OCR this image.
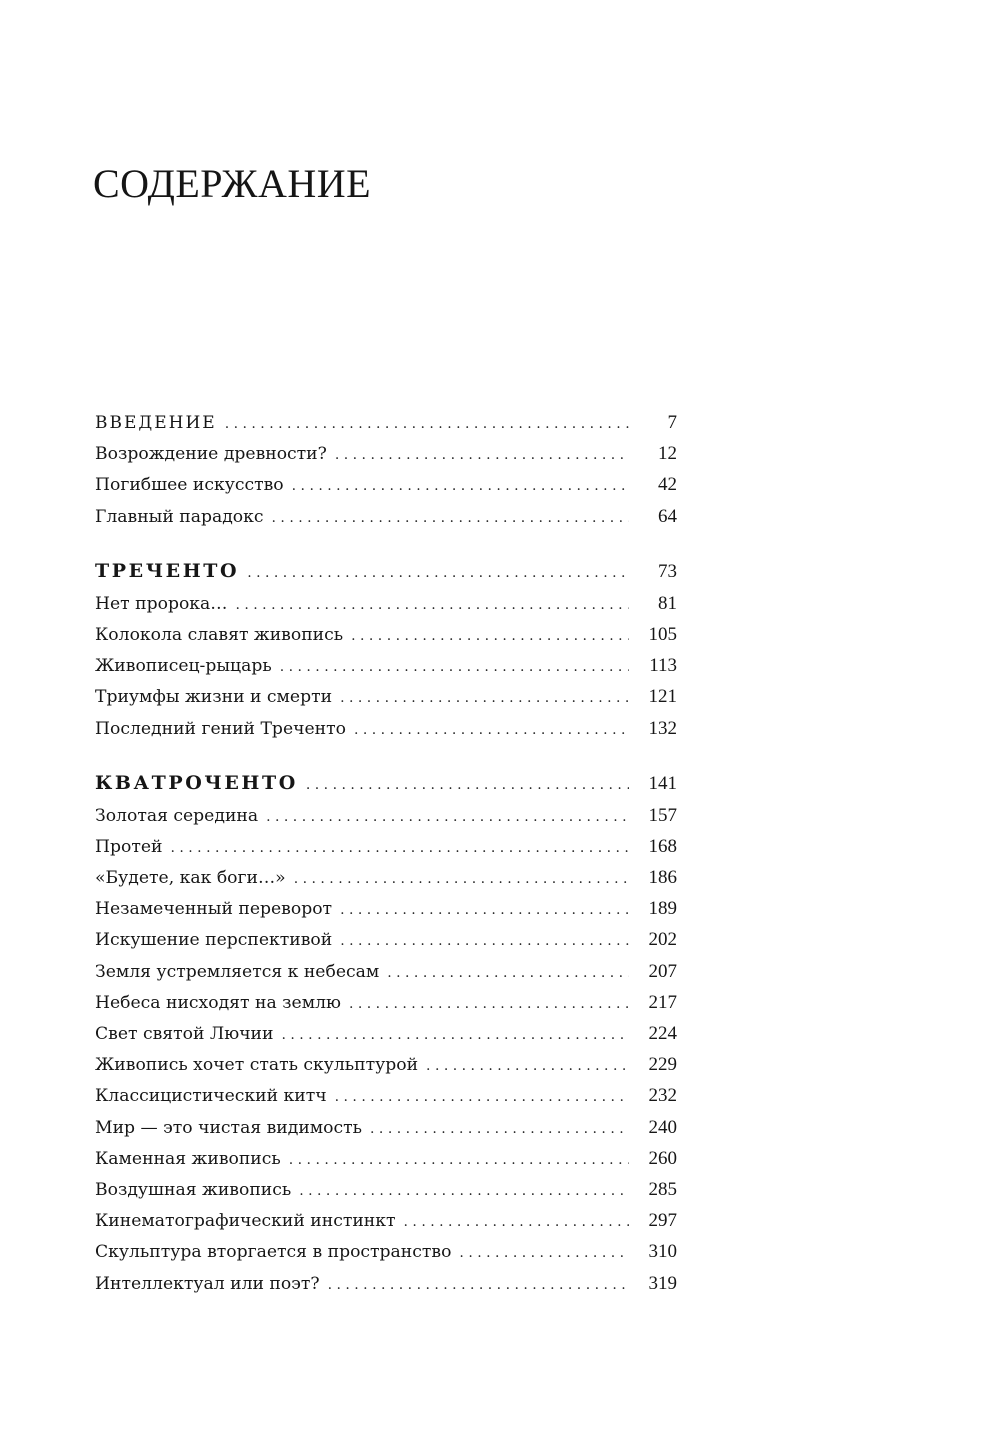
СОДЕРЖАНИЕ
ВВЕДЕНИЕ . . .	7
Возрождение древности? . . .	12
Погибшее искусство . . .	42
Главный парадокс . . .	64
ТРЕЧЕНТО . . .	73
Нет пророка… . . .	81
Колокола славят живопись . . .	105
Живописец-рыцарь . . .	113
Триумфы жизни и смерти . . .	121
Последний гений Треченто . . .	132
КВАТРОЧЕНТО . . .	141
Золотая середина . . .	157
Протей . . .	168
«Будете, как боги…» . . .	186
Незамеченный переворот . . .	189
Искушение перспективой . . .	202
Земля устремляется к небесам . . .	207
Небеса нисходят на землю . . .	217
Свет святой Лючии . . .	224
Живопись хочет стать скульптурой . . .	229
Классицистический китч . . .	232
Мир — это чистая видимость . . .	240
Каменная живопись . . .	260
Воздушная живопись . . .	285
Кинематографический инстинкт . . .	297
Скульптура вторгается в пространство . . .	310
Интеллектуал или поэт? . . .	319
